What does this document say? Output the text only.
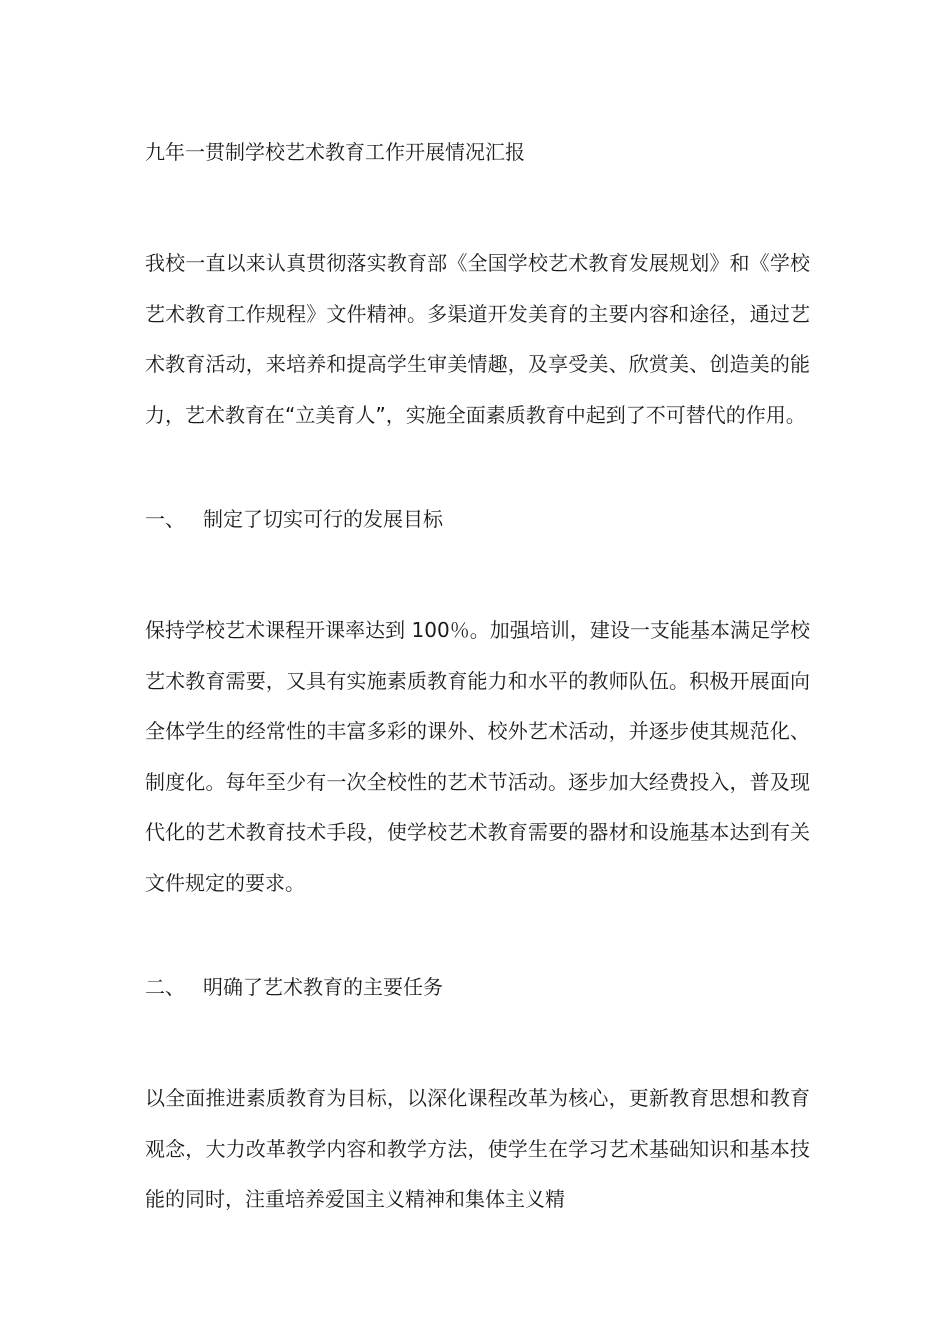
九年一贯制学校艺术教育工作开展情况汇报

我校一直以来认真贯彻落实教育部《全国学校艺术教育发展规划》和《学校艺术教育工作规程》文件精神。多渠道开发美育的主要内容和途径，通过艺术教育活动，来培养和提高学生审美情趣，及享受美、欣赏美、创造美的能力，艺术教育在“立美育人”，实施全面素质教育中起到了不可替代的作用。

一、 制定了切实可行的发展目标

保持学校艺术课程开课率达到 100％。加强培训，建设一支能基本满足学校艺术教育需要，又具有实施素质教育能力和水平的教师队伍。积极开展面向全体学生的经常性的丰富多彩的课外、校外艺术活动，并逐步使其规范化、制度化。每年至少有一次全校性的艺术节活动。逐步加大经费投入，普及现代化的艺术教育技术手段，使学校艺术教育需要的器材和设施基本达到有关文件规定的要求。

二、 明确了艺术教育的主要任务

以全面推进素质教育为目标，以深化课程改革为核心，更新教育思想和教育观念，大力改革教学内容和教学方法，使学生在学习艺术基础知识和基本技能的同时，注重培养爱国主义精神和集体主义精
